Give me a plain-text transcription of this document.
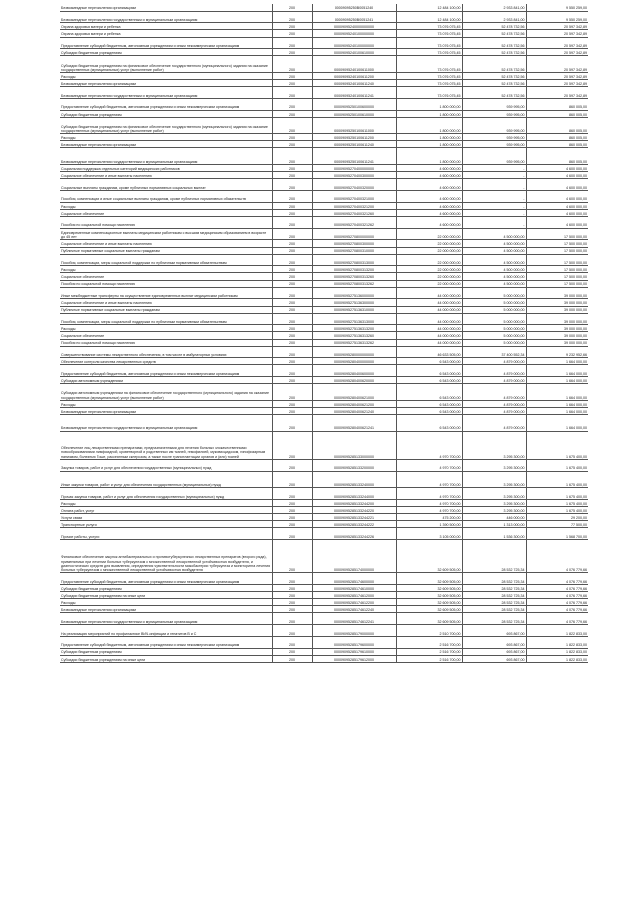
Безвозмездные перечисления организациям	200	00009095250В0051240	12 484 100,00	2 933 841,00	9 550 259,00
Безвозмездные перечисления государственным и муниципальным организациям	200	00009095250В0051241	12 484 100,00	2 933 841,00	9 550 259,00
Охрана здоровья матери и ребенка	200	00009095240000000000	73 076 075,45	52 478 732,56	20 597 342,89
Охрана здоровья матери и ребенка	200	00009095240100000000	73 076 075,45	52 478 732,56	20 597 342,89
Предоставление субсидий бюджетным, автономным учреждениям и иным некоммерческим организациям	200	00009095240100000000	73 076 075,45	52 478 732,56	20 597 342,89
Субсидии бюджетным учреждениям	200	00009095240100610000	73 076 075,45	52 478 732,56	20 597 342,89
Субсидии бюджетным учреждениям на финансовое обеспечение государственного (муниципального) задания на оказание государственных (муниципальных) услуг (выполнение работ)	200	00009095240100611000	73 076 075,45	52 478 732,56	20 597 342,89
Расходы	200	00009095240100611200	73 076 075,45	52 478 732,56	20 597 342,89
Безвозмездные перечисления организациям	200	00009095240100611240	73 076 075,45	52 478 732,56	20 597 342,89
Безвозмездные перечисления государственным и муниципальным организациям	200	00009095240100611241	73 076 075,45	52 478 732,56	20 597 342,89
Предоставление субсидий бюджетным, автономным учреждениям и иным некоммерческим организациям	200	00009095250100600000	1 800 000,00	939 995,00	860 005,00
Субсидии бюджетным учреждениям	200	00009095250100610000	1 800 000,00	939 995,00	860 005,00
Субсидии бюджетным учреждениям на финансовое обеспечение государственного (муниципального) задания на оказание государственных (муниципальных) услуг (выполнение работ)	200	00009095250100611000	1 800 000,00	939 995,00	860 005,00
Расходы	200	00009095250100611200	1 800 000,00	939 995,00	860 005,00
Безвозмездные перечисления организациям	200	00009095250100611240	1 800 000,00	939 995,00	860 005,00
Безвозмездные перечисления государственным и муниципальным организациям	200	00009095250100611241	1 800 000,00	939 995,00	860 005,00
Социальная поддержка отдельных категорий медицинских работников	200	00009095270400000000	4 600 000,00	-	4 600 000,00
Социальное обеспечение и иные выплаты населению	200	00009095270400300000	4 600 000,00	-	4 600 000,00
Социальные выплаты гражданам, кроме публичных нормативных социальных выплат	200	00009095270400320000	4 600 000,00	-	4 600 000,00
Пособия, компенсации и иные социальные выплаты гражданам, кроме публичных нормативных обязательств	200	00009095270400321000	4 600 000,00	-	4 600 000,00
Расходы	200	00009095270400321200	4 600 000,00	-	4 600 000,00
Социальное обеспечение	200	00009095270400321260	4 600 000,00	-	4 600 000,00
Пособия по социальной помощи населению	200	00009095270400321262	4 600 000,00	-	4 600 000,00
Единовременные компенсационные выплаты медицинским работникам с высшим медицинским образованием в возрасте до 45 лет	200	00009095270800000000	22 000 000,00	4 500 000,00	17 500 000,00
Социальное обеспечение и иные выплаты населению	200	00009095270800300000	22 000 000,00	4 500 000,00	17 500 000,00
Публичные нормативные социальные выплаты гражданам	200	00009095270800310000	22 000 000,00	4 500 000,00	17 500 000,00
Пособия, компенсации, меры социальной поддержки по публичным нормативным обязательствам	200	00009095270800313000	22 000 000,00	4 500 000,00	17 500 000,00
Расходы	200	00009095270800313200	22 000 000,00	4 500 000,00	17 500 000,00
Социальное обеспечение	200	00009095270800313260	22 000 000,00	4 500 000,00	17 500 000,00
Пособия по социальной помощи населению	200	00009095270800313262	22 000 000,00	4 500 000,00	17 500 000,00
Иные межбюджетные трансферты на осуществление единовременных выплат медицинским работникам	200	00009095275136000000	44 000 000,00	5 000 000,00	39 000 000,00
Социальное обеспечение и иные выплаты населению	200	00009095275136300000	44 000 000,00	5 000 000,00	39 000 000,00
Публичные нормативные социальные выплаты гражданам	200	00009095275136310000	44 000 000,00	5 000 000,00	39 000 000,00
Пособия, компенсации, меры социальной поддержки по публичным нормативным обязательствам	200	00009095275136313000	44 000 000,00	5 000 000,00	39 000 000,00
Расходы	200	00009095275136313200	44 000 000,00	5 000 000,00	39 000 000,00
Социальное обеспечение	200	00009095275136313260	44 000 000,00	5 000 000,00	39 000 000,00
Пособия по социальной помощи населению	200	00009095275136313262	44 000 000,00	5 000 000,00	39 000 000,00
Совершенствование системы лекарственного обеспечения, в том числе в амбулаторных условиях	200	00009095280000000000	46 633 505,00	37 400 552,34	9 232 952,66
Обеспечение контроля качества лекарственных средств	200	00009095280400000000	6 543 000,00	4 879 000,00	1 664 000,00
Предоставление субсидий бюджетным, автономным учреждениям и иным некоммерческим организациям	200	00009095280400600000	6 543 000,00	4 879 000,00	1 664 000,00
Субсидии автономным учреждениям	200	00009095280400620000	6 543 000,00	4 879 000,00	1 664 000,00
Субсидии автономным учреждениям на финансовое обеспечение государственного (муниципального) задания на оказание государственных (муниципальных) услуг (выполнение работ)	200	00009095280400621000	6 543 000,00	4 879 000,00	1 664 000,00
Расходы	200	00009095280400621200	6 543 000,00	4 879 000,00	1 664 000,00
Безвозмездные перечисления организациям	200	00009095280400621240	6 543 000,00	4 879 000,00	1 664 000,00
Безвозмездные перечисления государственным и муниципальным организациям	200	00009095280400621241	6 543 000,00	4 879 000,00	1 664 000,00
Обеспечение лиц лекарственными препаратами, предназначенными для лечения больных злокачественными новообразованиями лимфоидной, кроветворной и родственных им тканей, гемофилией, муковисцидозом, гипофизарным нанизмом, болезнью Гоше, рассеянным склерозом, а также после трансплантации органов и (или) тканей	200	00009095285133000000	4 970 700,00	3 295 300,00	1 675 400,00
Закупка товаров, работ и услуг для обеспечения государственных (муниципальных) нужд	200	00009095285133200000	4 970 700,00	3 295 300,00	1 675 400,00
Иные закупки товаров, работ и услуг для обеспечения государственных (муниципальных) нужд	200	00009095285133240000	4 970 700,00	3 295 300,00	1 675 400,00
Прочая закупка товаров, работ и услуг для обеспечения государственных (муниципальных) нужд	200	00009095285133244000	4 970 700,00	3 295 300,00	1 675 400,00
Расходы	200	00009095285133244200	4 970 700,00	3 295 300,00	1 675 400,00
Оплата работ, услуг	200	00009095285133244220	4 970 700,00	3 295 300,00	1 675 400,00
Услуги связи	200	00009095285133244221	475 200,00	446 000,00	29 200,00
Транспортные услуги	200	00009095285133244222	1 390 500,00	1 313 000,00	77 500,00
Прочие работы, услуги	200	00009095285133244226	3 105 000,00	1 536 300,00	1 568 700,00
Финансовое обеспечение закупок антибактериальных и противотуберкулезных лекарственных препаратов (второго ряда), применяемых при лечении больных туберкулезом с множественной лекарственной устойчивостью возбудителя, и диагностических средств для выявления, определения чувствительности микобактерии туберкулеза и мониторинга лечения больных туберкулезом с множественной лекарственной устойчивостью возбудителя	200	00009095285174000000	32 609 505,00	28 532 725,34	4 076 779,66
Предоставление субсидий бюджетным, автономным учреждениям и иным некоммерческим организациям	200	00009095285174600000	32 609 505,00	28 532 725,34	4 076 779,66
Субсидии бюджетным учреждениям	200	00009095285174610000	32 609 505,00	28 532 725,34	4 076 779,66
Субсидии бюджетным учреждениям на иные цели	200	00009095285174612000	32 609 505,00	28 532 725,34	4 076 779,66
Расходы	200	00009095285174612200	32 609 505,00	28 532 725,34	4 076 779,66
Безвозмездные перечисления организациям	200	00009095285174612240	32 609 505,00	28 532 725,34	4 076 779,66
Безвозмездные перечисления государственным и муниципальным организациям	200	00009095285174612241	32 609 505,00	28 532 725,34	4 076 779,66
На реализацию мероприятий по профилактике ВИЧ-инфекции и гепатитов В и С	200	00009095285179000000	2 510 700,00	693 867,00	1 822 833,00
Предоставление субсидий бюджетным, автономным учреждениям и иным некоммерческим организациям	200	00009095285179600000	2 516 700,00	693 867,00	1 822 833,00
Субсидии бюджетным учреждениям	200	00009095285179610000	2 516 700,00	693 867,00	1 822 833,00
Субсидии бюджетным учреждениям на иные цели	200	00009095285179612000	2 516 700,00	693 867,00	1 822 833,00
